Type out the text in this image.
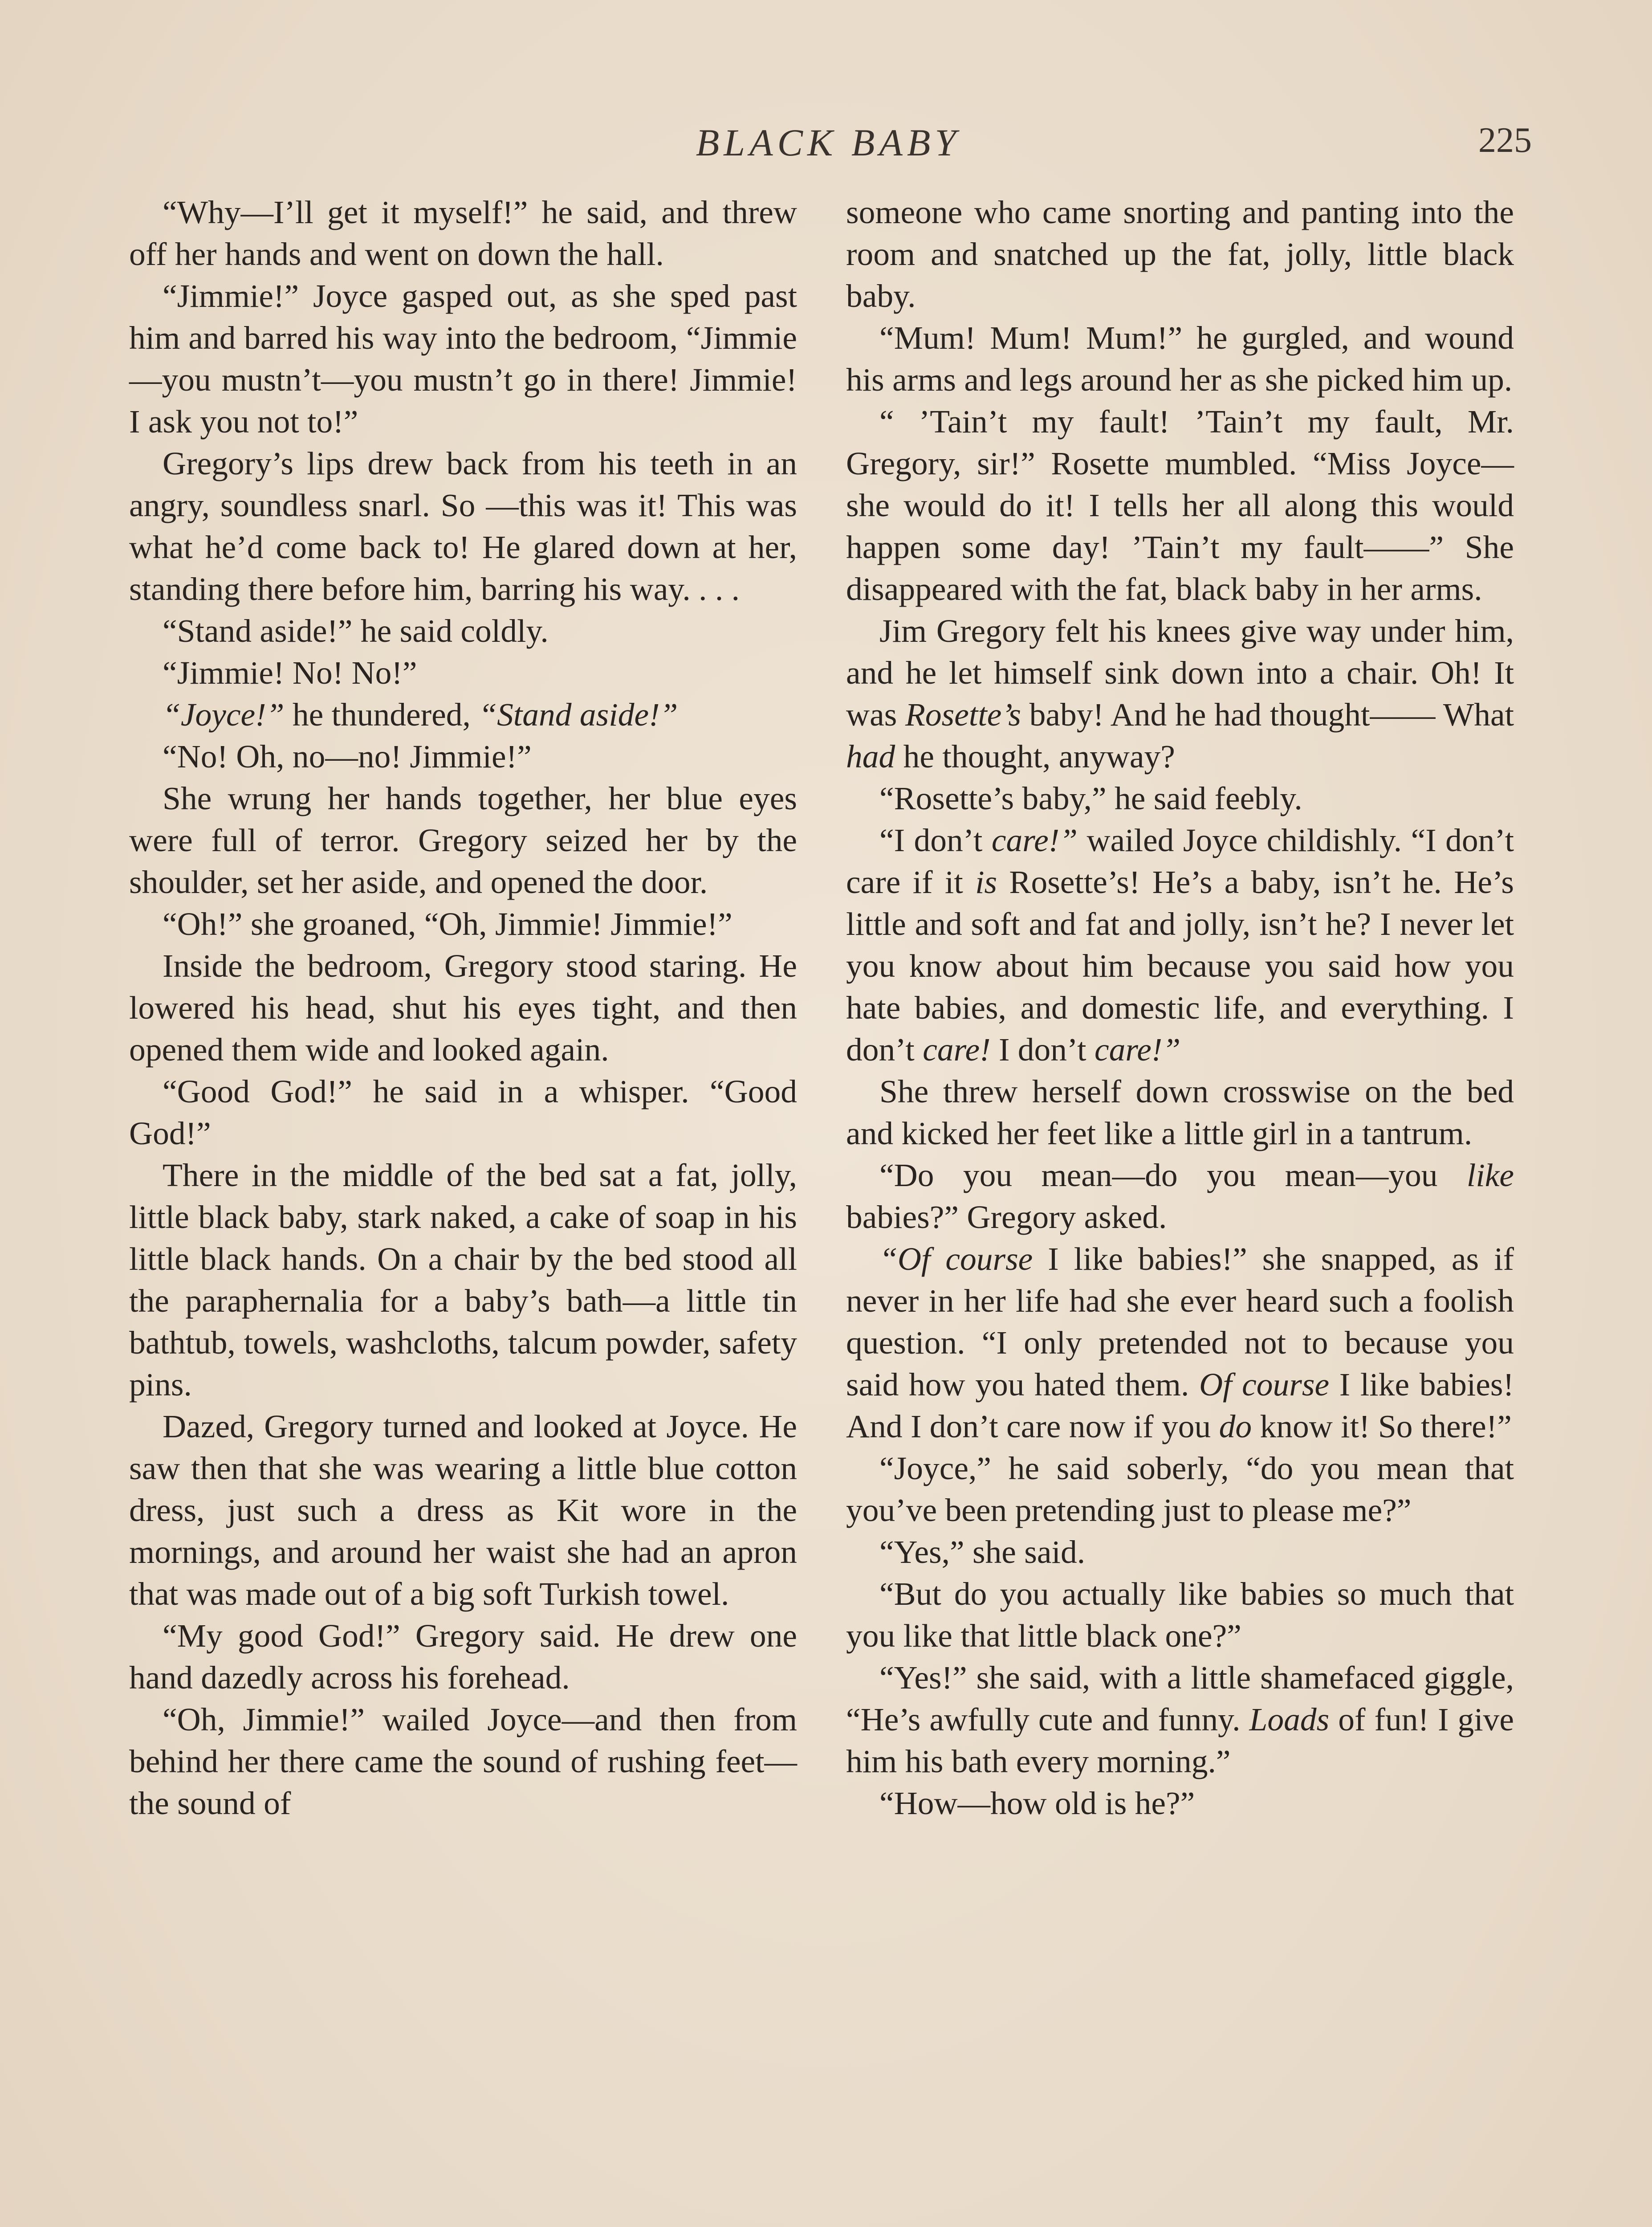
BLACK BABY	225

“Why—I’ll get it myself!” he said, and threw off her hands and went on down the hall.

“Jimmie!” Joyce gasped out, as she sped past him and barred his way into the bedroom, “Jimmie—you mustn’t—you mustn’t go in there! Jimmie! I ask you not to!”

Gregory’s lips drew back from his teeth in an angry, soundless snarl. So —this was it! This was what he’d come back to! He glared down at her, standing there before him, barring his way. . . .

“Stand aside!” he said coldly.

“Jimmie! No! No!”

“Joyce!” he thundered, “Stand aside!”

“No! Oh, no—no! Jimmie!”

She wrung her hands together, her blue eyes were full of terror. Gregory seized her by the shoulder, set her aside, and opened the door.

“Oh!” she groaned, “Oh, Jimmie! Jimmie!”

Inside the bedroom, Gregory stood staring. He lowered his head, shut his eyes tight, and then opened them wide and looked again.

“Good God!” he said in a whisper. “Good God!”

There in the middle of the bed sat a fat, jolly, little black baby, stark naked, a cake of soap in his little black hands. On a chair by the bed stood all the paraphernalia for a baby’s bath—a little tin bathtub, towels, washcloths, talcum powder, safety pins.

Dazed, Gregory turned and looked at Joyce. He saw then that she was wearing a little blue cotton dress, just such a dress as Kit wore in the mornings, and around her waist she had an apron that was made out of a big soft Turkish towel.

“My good God!” Gregory said. He drew one hand dazedly across his forehead.

“Oh, Jimmie!” wailed Joyce—and then from behind her there came the sound of rushing feet—the sound of

someone who came snorting and panting into the room and snatched up the fat, jolly, little black baby.

“Mum! Mum! Mum!” he gurgled, and wound his arms and legs around her as she picked him up.

“ ’Tain’t my fault! ’Tain’t my fault, Mr. Gregory, sir!” Rosette mumbled. “Miss Joyce—she would do it! I tells her all along this would happen some day! ’Tain’t my fault——” She disappeared with the fat, black baby in her arms.

Jim Gregory felt his knees give way under him, and he let himself sink down into a chair. Oh! It was Rosette’s baby! And he had thought—— What had he thought, anyway?

“Rosette’s baby,” he said feebly.

“I don’t care!” wailed Joyce childishly. “I don’t care if it is Rosette’s! He’s a baby, isn’t he. He’s little and soft and fat and jolly, isn’t he? I never let you know about him because you said how you hate babies, and domestic life, and everything. I don’t care! I don’t care!”

She threw herself down crosswise on the bed and kicked her feet like a little girl in a tantrum.

“Do you mean—do you mean—you like babies?” Gregory asked.

“Of course I like babies!” she snapped, as if never in her life had she ever heard such a foolish question. “I only pretended not to because you said how you hated them. Of course I like babies! And I don’t care now if you do know it! So there!”

“Joyce,” he said soberly, “do you mean that you’ve been pretending just to please me?”

“Yes,” she said.

“But do you actually like babies so much that you like that little black one?”

“Yes!” she said, with a little shamefaced giggle, “He’s awfully cute and funny. Loads of fun! I give him his bath every morning.”

“How—how old is he?”
